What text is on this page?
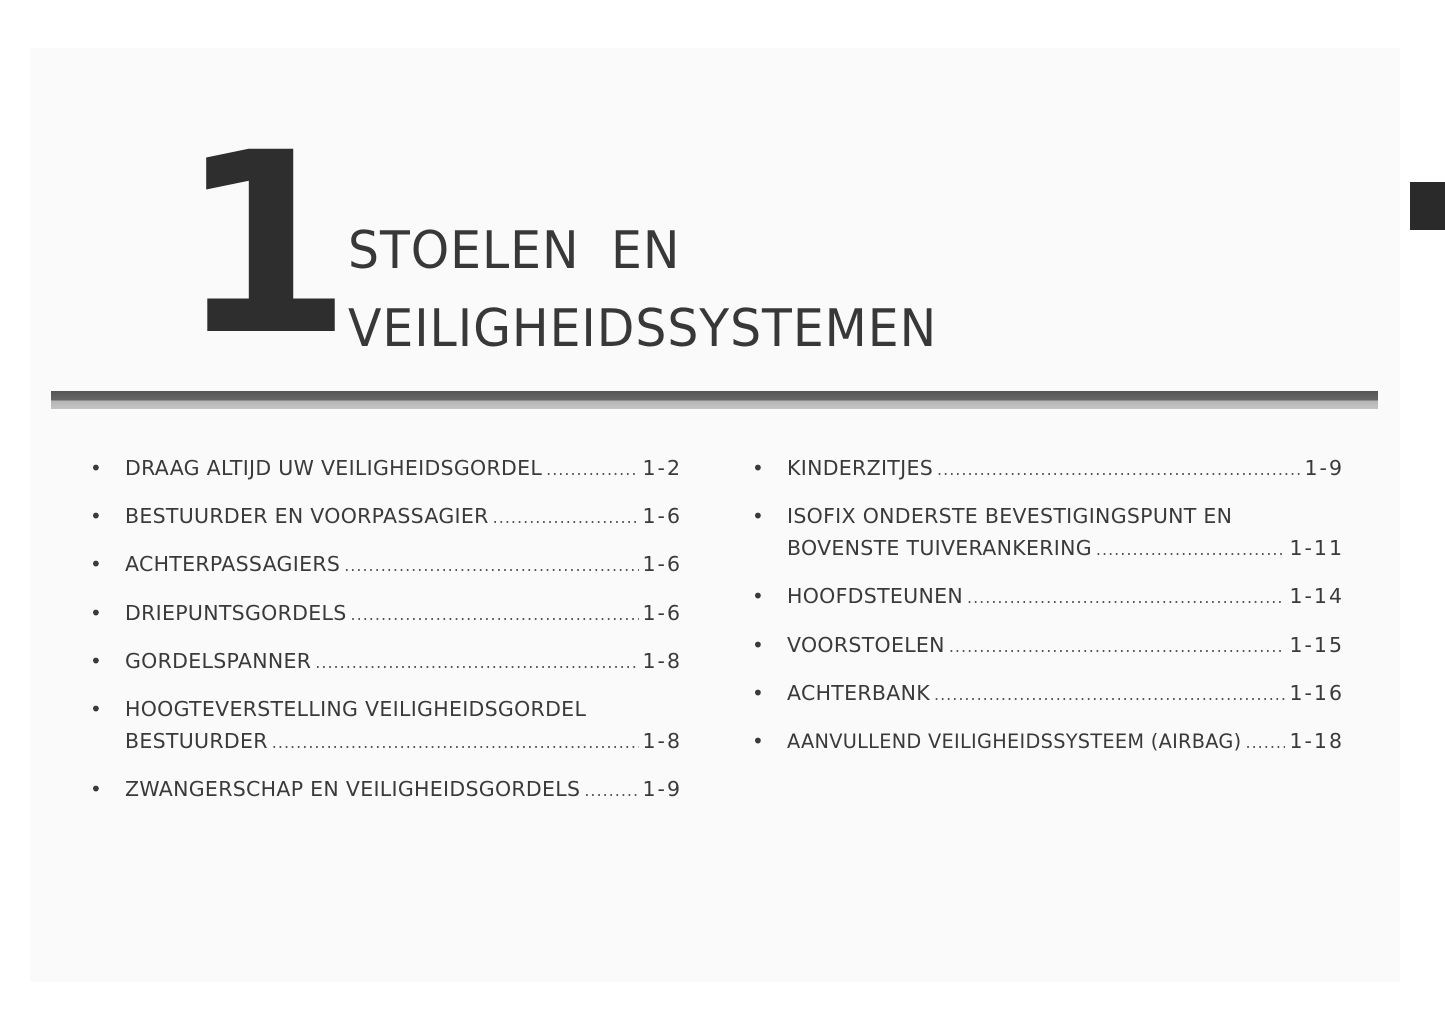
1 STOELEN EN
VEILIGHEIDSSYSTEMEN
• DRAAG ALTIJD UW VEILIGHEIDSGORDEL .....	1-2
• BESTUURDER EN VOORPASSAGIER .....	1-6
• ACHTERPASSAGIERS .....	1-6
• DRIEPUNTSGORDELS .....	1-6
• GORDELSPANNER .....	1-8
• HOOGTEVERSTELLING VEILIGHEIDSGORDEL
BESTUURDER .....	1-8
• ZWANGERSCHAP EN VEILIGHEIDSGORDELS .....	1-9
• KINDERZITJES .....	1-9
• ISOFIX ONDERSTE BEVESTIGINGSPUNT EN
BOVENSTE TUIVERANKERING .....	1-11
• HOOFDSTEUNEN .....	1-14
• VOORSTOELEN .....	1-15
• ACHTERBANK .....	1-16
• AANVULLEND VEILIGHEIDSSYSTEEM (AIRBAG) ..... 1-18
